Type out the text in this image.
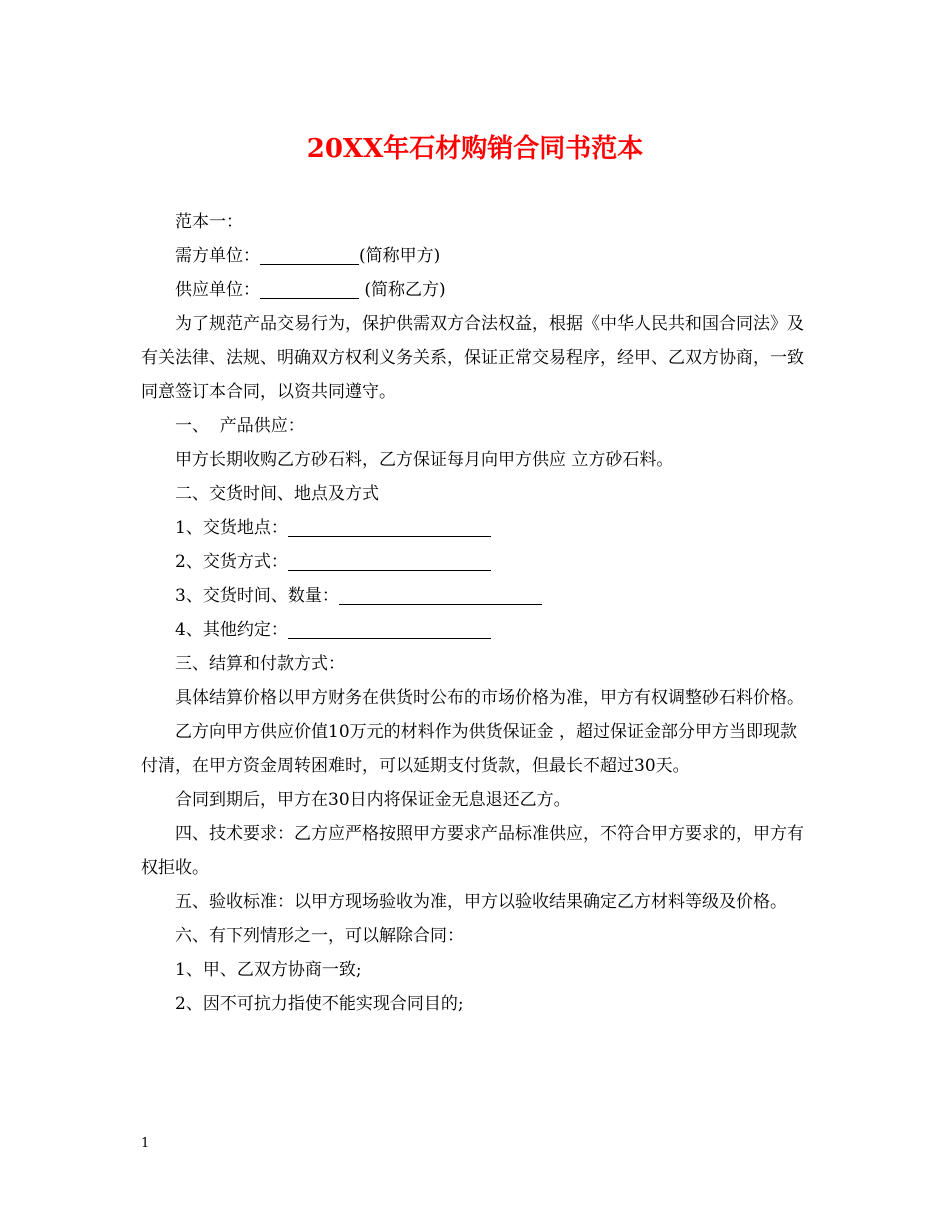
20XX年石材购销合同书范本

范本一：

需方单位：	(简称甲方)

供应单位：	(简称乙方)

为了规范产品交易行为，保护供需双方合法权益，根据《中华人民共和国合同法》及有关法律、法规、明确双方权利义务关系，保证正常交易程序，经甲、乙双方协商，一致同意签订本合同，以资共同遵守。

一、  产品供应：

甲方长期收购乙方砂石料，乙方保证每月向甲方供应 立方砂石料。

二、交货时间、地点及方式

1、交货地点：

2、交货方式：

3、交货时间、数量：

4、其他约定：

三、结算和付款方式：

具体结算价格以甲方财务在供货时公布的市场价格为准，甲方有权调整砂石料价格。

乙方向甲方供应价值10万元的材料作为供货保证金 ，超过保证金部分甲方当即现款付清，在甲方资金周转困难时，可以延期支付货款，但最长不超过30天。

合同到期后，甲方在30日内将保证金无息退还乙方。

四、技术要求：乙方应严格按照甲方要求产品标准供应，不符合甲方要求的，甲方有权拒收。

五、验收标准：以甲方现场验收为准，甲方以验收结果确定乙方材料等级及价格。

六、有下列情形之一，可以解除合同：

1、甲、乙双方协商一致;

2、因不可抗力指使不能实现合同目的;

1
